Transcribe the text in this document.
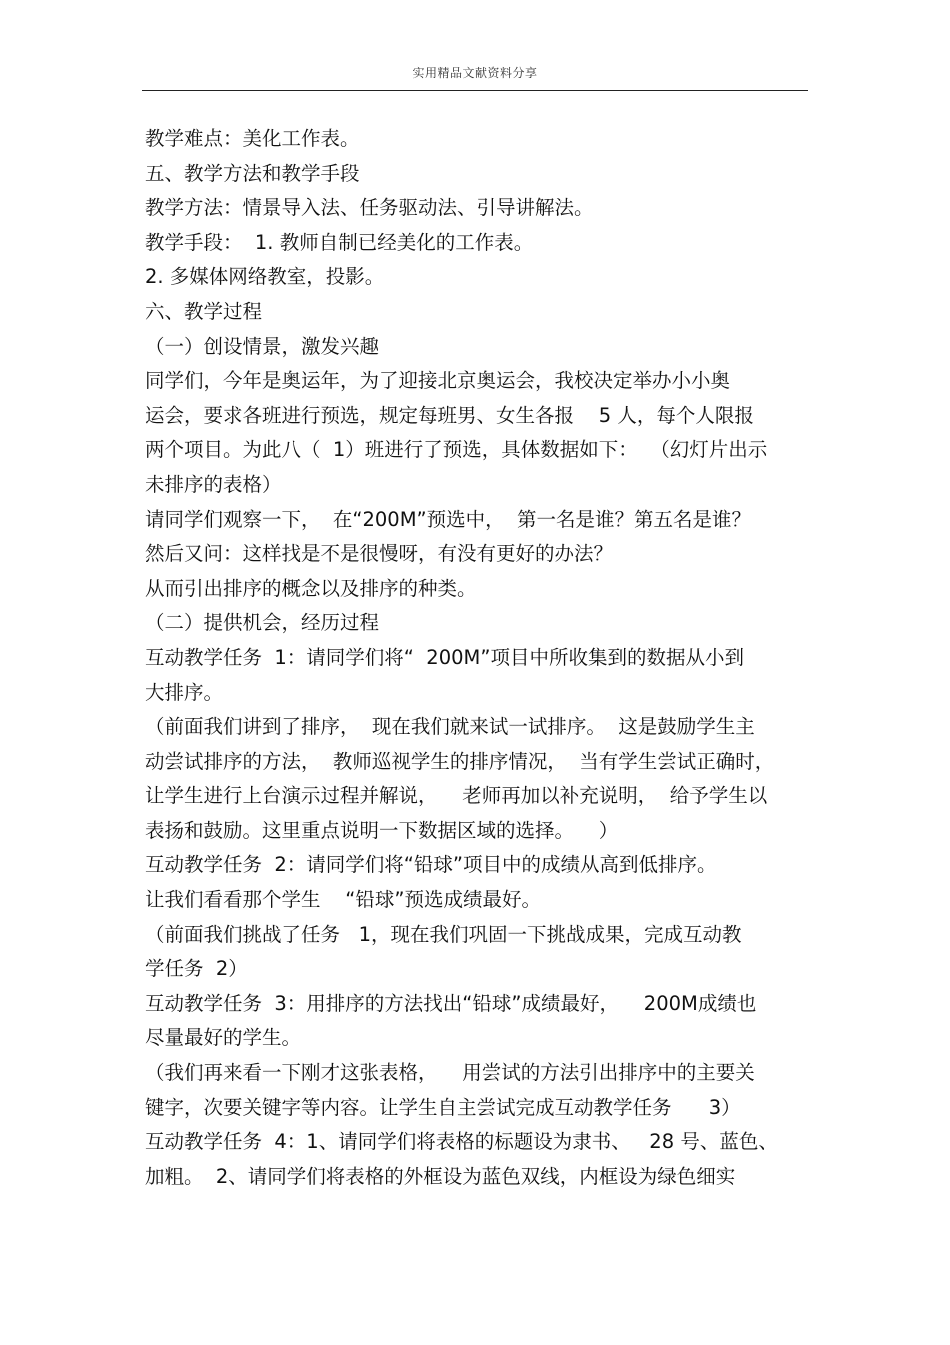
实用精品文献资料分享
教学难点：美化工作表。
五、教学方法和教学手段
教学方法：情景导入法、任务驱动法、引导讲解法。
教学手段：  1. 教师自制已经美化的工作表。
2. 多媒体网络教室，投影。
六、教学过程
（一）创设情景，激发兴趣
同学们，今年是奥运年，为了迎接北京奥运会，我校决定举办小小奥
运会，要求各班进行预选，规定每班男、女生各报    5 人，每个人限报
两个项目。为此八（  1）班进行了预选，具体数据如下：  （幻灯片出示
未排序的表格）
请同学们观察一下，  在“200M”预选中，  第一名是谁？第五名是谁？
然后又问：这样找是不是很慢呀，有没有更好的办法？
从而引出排序的概念以及排序的种类。
（二）提供机会，经历过程
互动教学任务  1：请同学们将“  200M”项目中所收集到的数据从小到
大排序。
（前面我们讲到了排序，  现在我们就来试一试排序。  这是鼓励学生主
动尝试排序的方法，  教师巡视学生的排序情况，  当有学生尝试正确时，
让学生进行上台演示过程并解说，    老师再加以补充说明，  给予学生以
表扬和鼓励。这里重点说明一下数据区域的选择。    ）
互动教学任务  2：请同学们将“铅球”项目中的成绩从高到低排序。
让我们看看那个学生    “铅球”预选成绩最好。
（前面我们挑战了任务   1，现在我们巩固一下挑战成果，完成互动教
学任务  2）
互动教学任务  3：用排序的方法找出“铅球”成绩最好，    200M成绩也
尽量最好的学生。
（我们再来看一下刚才这张表格，    用尝试的方法引出排序中的主要关
键字，次要关键字等内容。让学生自主尝试完成互动教学任务      3）
互动教学任务  4：1、请同学们将表格的标题设为隶书、   28 号、蓝色、
加粗。  2、请同学们将表格的外框设为蓝色双线，内框设为绿色细实
